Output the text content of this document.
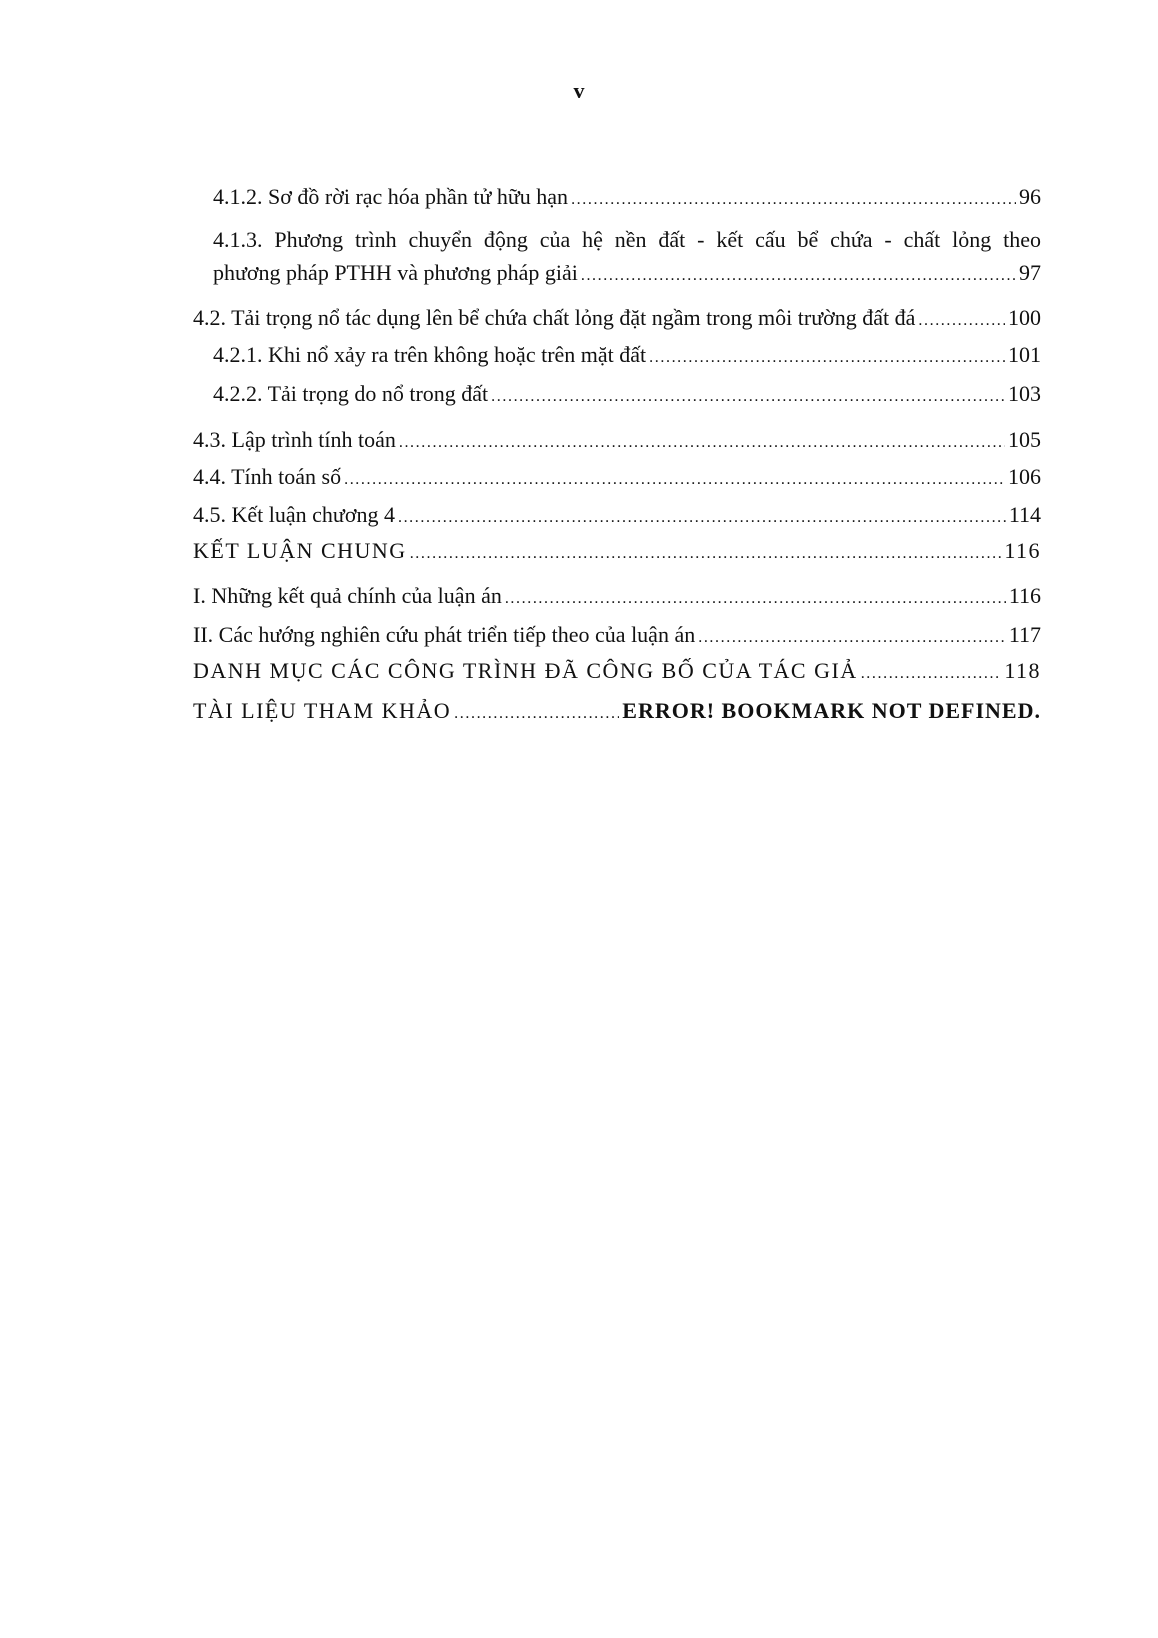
v
4.1.2. Sơ đồ rời rạc hóa phần tử hữu hạn . . .	96
4.1.3. Phương trình chuyển động của hệ nền đất - kết cấu bể chứa - chất lỏng theo
phương pháp PTHH và phương pháp giải . . .	97
4.2. Tải trọng nổ tác dụng lên bể chứa chất lỏng đặt ngầm trong môi trường đất đá . . .	100
4.2.1. Khi nổ xảy ra trên không hoặc trên mặt đất . . .	101
4.2.2. Tải trọng do nổ trong đất . . .	103
4.3. Lập trình tính toán . . .	105
4.4. Tính toán số . . .	106
4.5. Kết luận chương 4 . . .	114
KẾT LUẬN CHUNG . . .	116
I. Những kết quả chính của luận án . . .	116
II. Các hướng nghiên cứu phát triển tiếp theo của luận án . . .	117
DANH MỤC CÁC CÔNG TRÌNH ĐÃ CÔNG BỐ CỦA TÁC GIẢ . . .	118
TÀI LIỆU THAM KHẢO . . .	ERROR! BOOKMARK NOT DEFINED.
